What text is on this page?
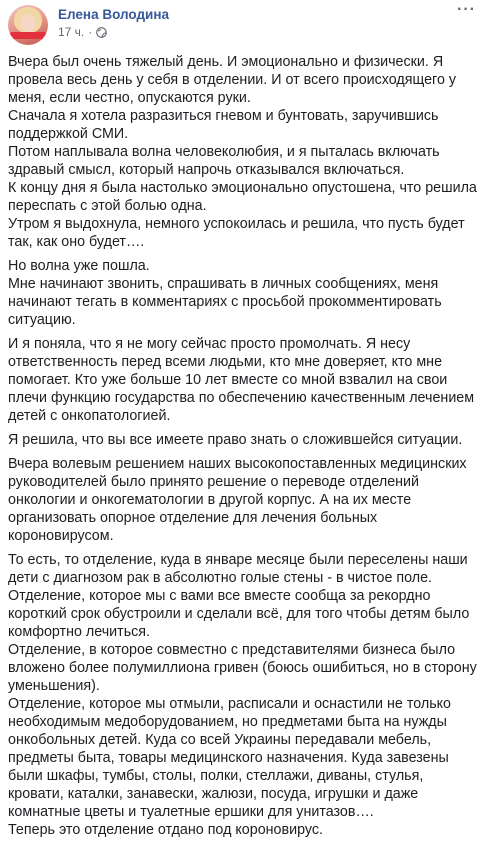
Елена Володина
17 ч. ·
···

Вчера был очень тяжелый день. И эмоционально и физически. Я провела весь день у себя в отделении. И от всего происходящего у меня, если честно, опускаются руки.
Сначала я хотела разразиться гневом и бунтовать, заручившись поддержкой СМИ.
Потом наплывала волна человеколюбия, и я пыталась включать здравый смысл, который напрочь отказывался включаться.
К концу дня я была настолько эмоционально опустошена, что решила переспать с этой болью одна.
Утром я выдохнула, немного успокоилась и решила, что пусть будет так, как оно будет….

Но волна уже пошла.
Мне начинают звонить, спрашивать в личных сообщениях, меня начинают тегать в комментариях с просьбой прокомментировать ситуацию.

И я поняла, что я не могу сейчас просто промолчать. Я несу ответственность перед всеми людьми, кто мне доверяет, кто мне помогает. Кто уже больше 10 лет вместе со мной взвалил на свои плечи функцию государства по обеспечению качественным лечением детей с онкопатологией.

Я решила, что вы все имеете право знать о сложившейся ситуации.

Вчера волевым решением наших высокопоставленных медицинских руководителей было принято решение о переводе отделений онкологии и онкогематологии в другой корпус. А на их месте организовать опорное отделение для лечения больных короновирусом.

То есть, то отделение, куда в январе месяце были переселены наши дети с диагнозом рак в абсолютно голые стены - в чистое поле.
Отделение, которое мы с вами все вместе сообща за рекордно короткий срок обустроили и сделали всё, для того чтобы детям было комфортно лечиться.
Отделение, в которое совместно с представителями бизнеса было вложено более полумиллиона гривен (боюсь ошибиться, но в сторону уменьшения).
Отделение, которое мы отмыли, расписали и оснастили не только необходимым медоборудованием, но предметами быта на нужды онкобольных детей. Куда со всей Украины передавали мебель, предметы быта, товары медицинского назначения. Куда завезены были шкафы, тумбы, столы, полки, стеллажи, диваны, стулья, кровати, каталки, занавески, жалюзи, посуда, игрушки и даже комнатные цветы и туалетные ершики для унитазов….
Теперь это отделение отдано под короновирус.
